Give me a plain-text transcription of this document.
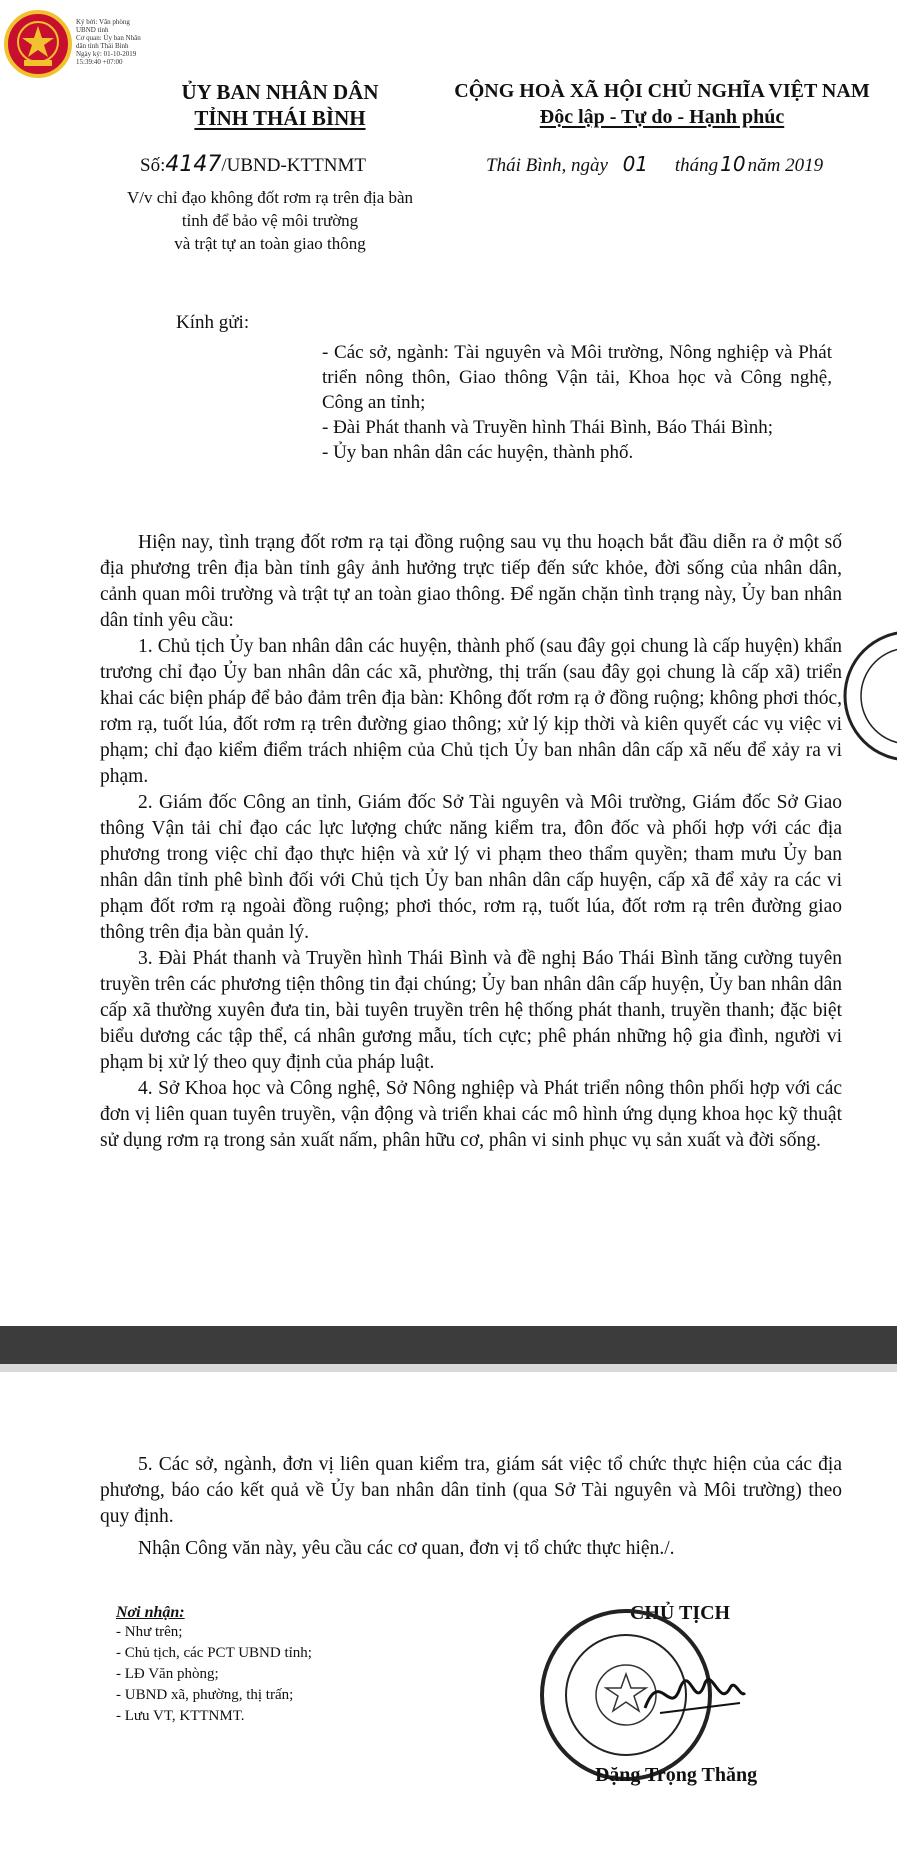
Ký bởi: Văn phòng
UBND tỉnh
Cơ quan: Ủy ban Nhân
dân tỉnh Thái Bình
Ngày ký: 01-10-2019
15:39:40 +07:00
ỦY BAN NHÂN DÂN
TỈNH THÁI BÌNH
CỘNG HOÀ XÃ HỘI CHỦ NGHĨA VIỆT NAM
Độc lập - Tự do - Hạnh phúc
Số:4147/UBND-KTTNMT	Thái Bình, ngày 01 tháng 10 năm 2019
V/v chỉ đạo không đốt rơm rạ trên địa bàn
tỉnh để bảo vệ môi trường
và trật tự an toàn giao thông
Kính gửi:
- Các sở, ngành: Tài nguyên và Môi trường, Nông nghiệp và Phát triển nông thôn, Giao thông Vận tải, Khoa học và Công nghệ, Công an tỉnh;
- Đài Phát thanh và Truyền hình Thái Bình, Báo Thái Bình;
- Ủy ban nhân dân các huyện, thành phố.

Hiện nay, tình trạng đốt rơm rạ tại đồng ruộng sau vụ thu hoạch bắt đầu diễn ra ở một số địa phương trên địa bàn tỉnh gây ảnh hưởng trực tiếp đến sức khỏe, đời sống của nhân dân, cảnh quan môi trường và trật tự an toàn giao thông. Để ngăn chặn tình trạng này, Ủy ban nhân dân tỉnh yêu cầu:

1. Chủ tịch Ủy ban nhân dân các huyện, thành phố (sau đây gọi chung là cấp huyện) khẩn trương chỉ đạo Ủy ban nhân dân các xã, phường, thị trấn (sau đây gọi chung là cấp xã) triển khai các biện pháp để bảo đảm trên địa bàn: Không đốt rơm rạ ở đồng ruộng; không phơi thóc, rơm rạ, tuốt lúa, đốt rơm rạ trên đường giao thông; xử lý kịp thời và kiên quyết các vụ việc vi phạm; chỉ đạo kiểm điểm trách nhiệm của Chủ tịch Ủy ban nhân dân cấp xã nếu để xảy ra vi phạm.

2. Giám đốc Công an tỉnh, Giám đốc Sở Tài nguyên và Môi trường, Giám đốc Sở Giao thông Vận tải chỉ đạo các lực lượng chức năng kiểm tra, đôn đốc và phối hợp với các địa phương trong việc chỉ đạo thực hiện và xử lý vi phạm theo thẩm quyền; tham mưu Ủy ban nhân dân tỉnh phê bình đối với Chủ tịch Ủy ban nhân dân cấp huyện, cấp xã để xảy ra các vi phạm đốt rơm rạ ngoài đồng ruộng; phơi thóc, rơm rạ, tuốt lúa, đốt rơm rạ trên đường giao thông trên địa bàn quản lý.

3. Đài Phát thanh và Truyền hình Thái Bình và đề nghị Báo Thái Bình tăng cường tuyên truyền trên các phương tiện thông tin đại chúng; Ủy ban nhân dân cấp huyện, Ủy ban nhân dân cấp xã thường xuyên đưa tin, bài tuyên truyền trên hệ thống phát thanh, truyền thanh; đặc biệt biểu dương các tập thể, cá nhân gương mẫu, tích cực; phê phán những hộ gia đình, người vi phạm bị xử lý theo quy định của pháp luật.

4. Sở Khoa học và Công nghệ, Sở Nông nghiệp và Phát triển nông thôn phối hợp với các đơn vị liên quan tuyên truyền, vận động và triển khai các mô hình ứng dụng khoa học kỹ thuật sử dụng rơm rạ trong sản xuất nấm, phân hữu cơ, phân vi sinh phục vụ sản xuất và đời sống.

5. Các sở, ngành, đơn vị liên quan kiểm tra, giám sát việc tổ chức thực hiện của các địa phương, báo cáo kết quả về Ủy ban nhân dân tỉnh (qua Sở Tài nguyên và Môi trường) theo quy định.

Nhận Công văn này, yêu cầu các cơ quan, đơn vị tổ chức thực hiện./.

Nơi nhận:
- Như trên;
- Chủ tịch, các PCT UBND tỉnh;
- LĐ Văn phòng;
- UBND xã, phường, thị trấn;
- Lưu VT, KTTNMT.
CHỦ TỊCH
Đặng Trọng Thăng
